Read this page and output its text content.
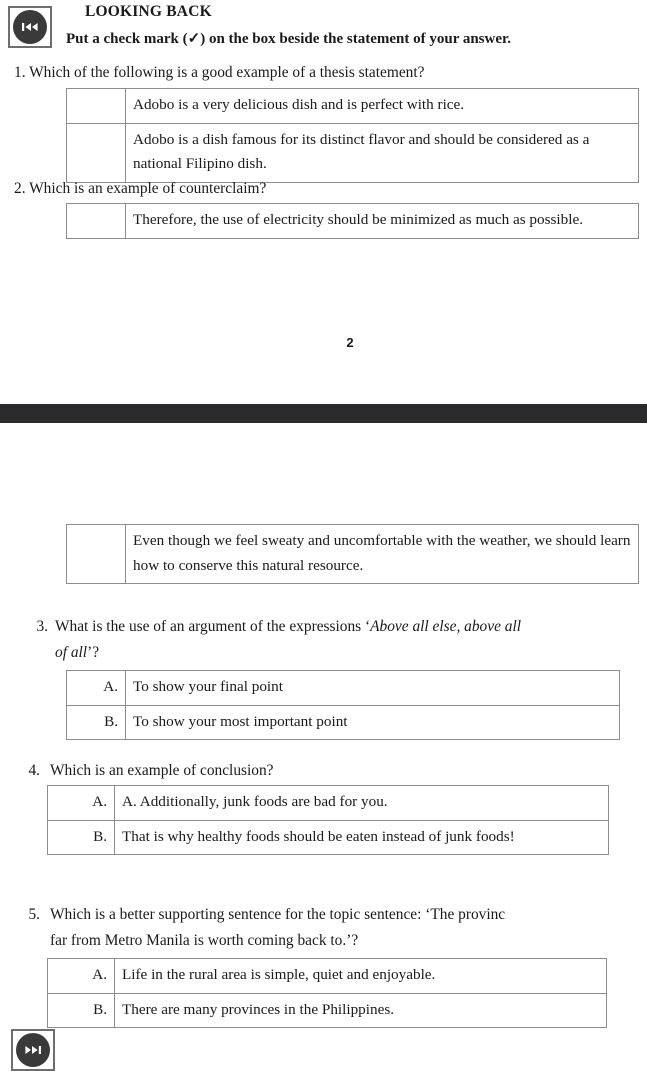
LOOKING BACK
Put a check mark (✓) on the box beside the statement of your answer.
1. Which of the following is a good example of a thesis statement?
	Adobo is a very delicious dish and is perfect with rice.
	Adobo is a dish famous for its distinct flavor and should be considered as a national Filipino dish.
2. Which is an example of counterclaim?
	Therefore, the use of electricity should be minimized as much as possible.
2
	Even though we feel sweaty and uncomfortable with the weather, we should learn how to conserve this natural resource.
3. What is the use of an argument of the expressions ‘Above all else, above all
of all’?
A.	To show your final point
B.	To show your most important point
4. Which is an example of conclusion?
A.	A. Additionally, junk foods are bad for you.
B.	That is why healthy foods should be eaten instead of junk foods!
5. Which is a better supporting sentence for the topic sentence: ‘The provinc
far from Metro Manila is worth coming back to.’?
A.	Life in the rural area is simple, quiet and enjoyable.
B.	There are many provinces in the Philippines.
